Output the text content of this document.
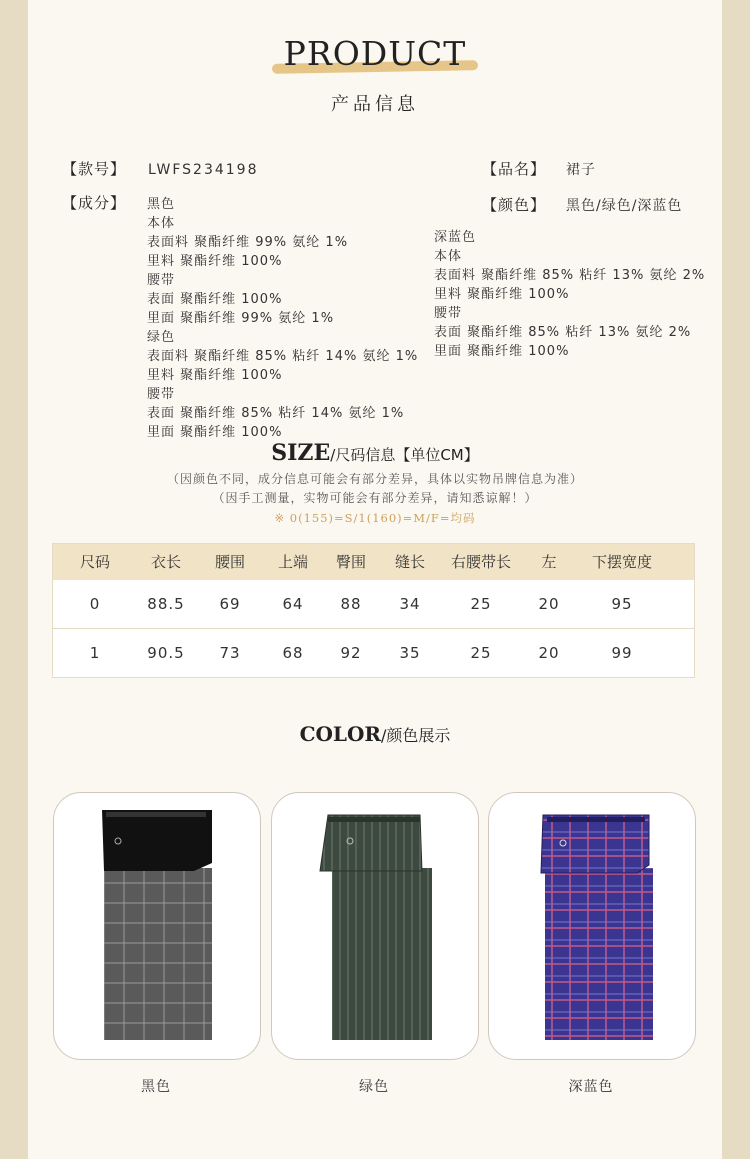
PRODUCT
产品信息
【款号】 LWFS234198	【品名】 裙子
【成分】	【颜色】 黑色/绿色/深蓝色
黑色
本体
表面料 聚酯纤维 99% 氨纶 1%
里料 聚酯纤维 100%
腰带
表面 聚酯纤维 100%
里面 聚酯纤维 99% 氨纶 1%
绿色
表面料 聚酯纤维 85% 粘纤 14% 氨纶 1%
里料 聚酯纤维 100%
腰带
表面 聚酯纤维 85% 粘纤 14% 氨纶 1%
里面 聚酯纤维 100%
深蓝色
本体
表面料 聚酯纤维 85% 粘纤 13% 氨纶 2%
里料 聚酯纤维 100%
腰带
表面 聚酯纤维 85% 粘纤 13% 氨纶 2%
里面 聚酯纤维 100%
SIZE/尺码信息【单位CM】
（因颜色不同，成分信息可能会有部分差异，具体以实物吊牌信息为准）
（因手工测量，实物可能会有部分差异，请知悉谅解！）
※ 0(155)=S/1(160)=M/F=均码
尺码	衣长 腰围 上端 臀围 缝长 右腰带长 左 下摆宽度
0	88.5 69	64 88	34	25	20	95
1	90.5 73	68 92	35	25	20	99
COLOR/颜色展示
黑色	绿色	深蓝色
